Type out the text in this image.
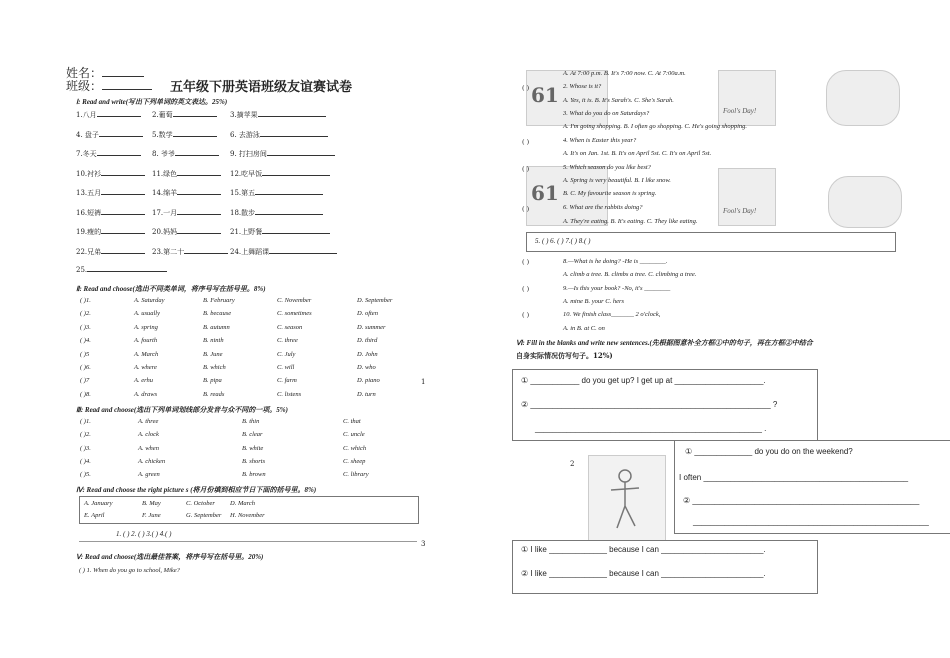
姓名：
班级：	五年级下册英语班级友谊赛试卷
Ⅰ: Read and write(写出下列单词的英文表达。25%)
Ⅱ: Read and choose(选出不同类单词，将序号写在括号里。8%)
1
Ⅲ: Read and choose(选出下列单词划线部分发音与众不同的一项。5%)
Ⅳ: Read and choose the right picture s (将月份填到相应节日下面的括号里。8%)
A. January	B. May	C. October D. March
E. April	F. June	G. September H. November
1. ( ) 2. ( ) 3.( ) 4.( )
3
Ⅴ: Read and choose(选出最佳答案，将序号写在括号里。20%)
( ) 1. When do you go to school, Mike?
61
Fool's Day!
61
Fool's Day!
5. ( ) 6. ( ) 7.( ) 8.( )
Ⅵ: Fill in the blanks and write new sentences.(先根据图意补全方框①中的句子，再在方框②中结合
自身实际情况仿写句子。12%)
① ___________ do you get up? I get up at ____________________.
② ______________________________________________________ ?
___________________________________________________ .
① _____________ do you do on the weekend?
I often ______________________________________________
② ___________________________________________________
_____________________________________________________
2
① I like _____________ because I can _______________________.
② I like _____________ because I can _______________________.
1.八月	2.葡萄	3.摘苹果
4. 盘子	5.数学	6. 去游泳
7.冬天	8. 爷爷	9. 打扫房间
10.衬衫	11.绿色	12.吃早饭
13.五月	14.绵羊	15.第五
16.短裤	17.一月	18.散步
19.瘦的	20.妈妈	21.上野餐
22.兄弟	23.第二十	24.上舞蹈课
25.
( )1.	A. Saturday	B. February	C. November	D. September
( )2.	A. usually	B. because	C. sometimes	D. often
( )3.	A. spring	B. autumn	C. season	D. summer
( )4.	A. fourth	B. ninth	C. three	D. third
( )5	A. March	B. June	C. July	D. John
( )6.	A. where	B. which	C. will	D. who
( )7	A. erhu	B. pipa	C. farm	D. piano
( )8.	A. draws	B. reads	C. listens	D. turn
( )1.	A. three	B. thin	C. that
( )2.	A. clock	B. clear	C. uncle
( )3.	A. when	B. white	C. which
( )4.	A. chicken	B. shorts	C. sheep
( )5.	A. green	B. brown	C. library
A. At 7:00 p.m. B. It's 7:00 now. C. At 7:00a.m.
2. Whose is it?
A. Yes, it is. B. It's Sarah's. C. She's Sarah.
3. What do you do on Saturdays?
A. I'm going shopping. B. I often go shopping. C. He's going shopping.
4. When is Easter this year?
A. It's on Jan. 1st. B. It's on April 5st. C. It's on April 5st.
5. Which season do you like best?
A. Spring is very beautiful. B. I like snow.
B. C. My favourite season is spring.
6. What are the rabbits doing?
A. They're eating. B. It's eating. C. They like eating.
( )
( )
( )
( )
8.—What is he doing? -He is ________.
A. climb a tree. B. climbs a tree. C. climbing a tree.
9.—Is this your book? -No, it's ________
A. mine B. your C. hers
10. We finish class_______ 2 o'clock,
A. in B. at C. on
( )
( )
( )
